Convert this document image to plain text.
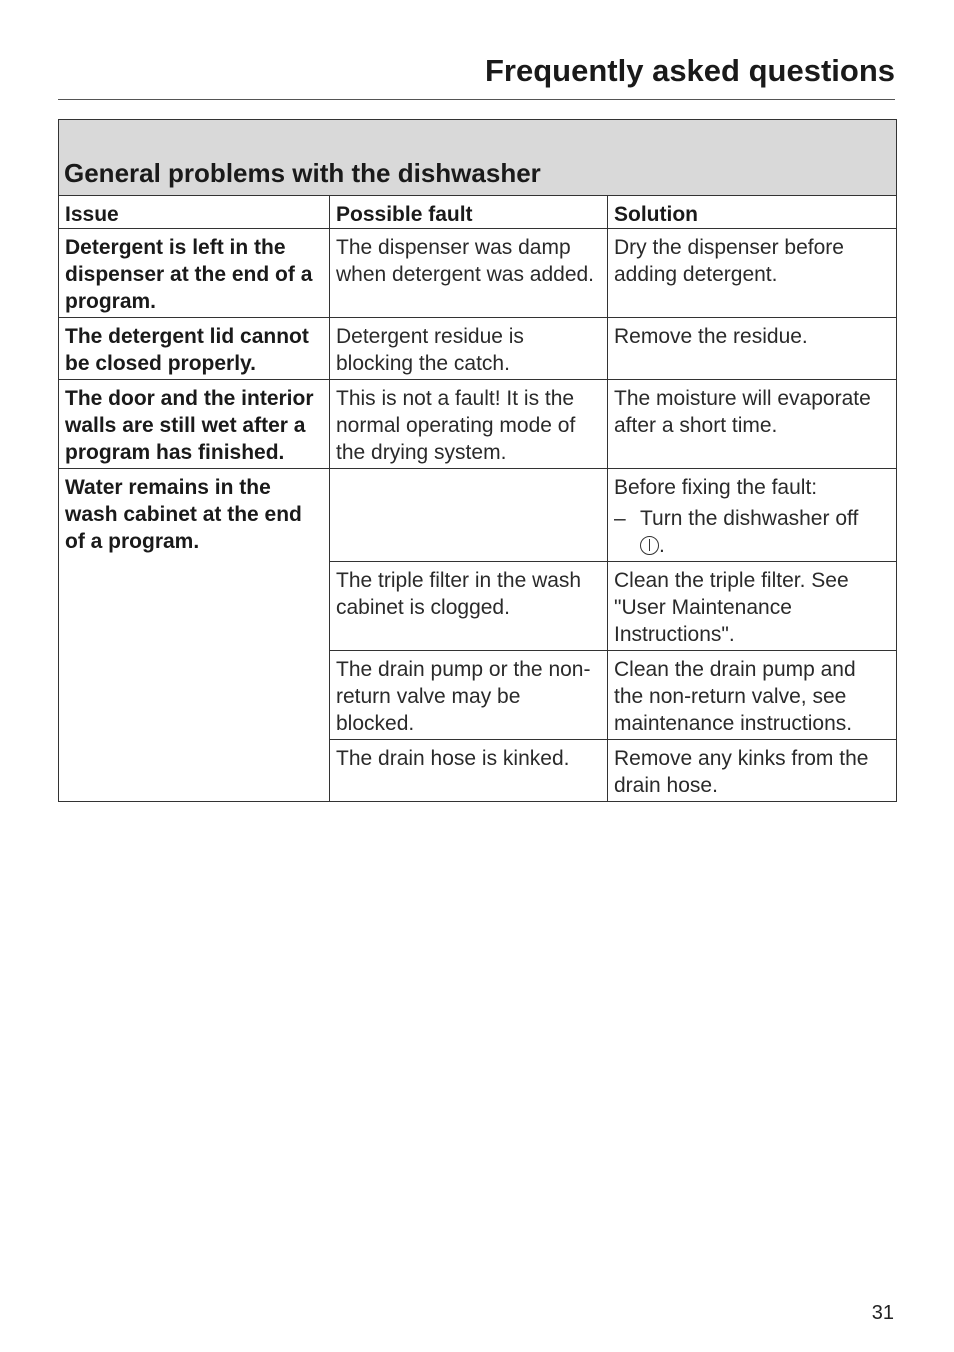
Frequently asked questions
General problems with the dishwasher		
Issue	Possible fault	Solution
Detergent is left in the dispenser at the end of a program.	The dispenser was damp when detergent was added.	Dry the dispenser before adding detergent.
The detergent lid cannot be closed properly.	Detergent residue is blocking the catch.	Remove the residue.
The door and the interior walls are still wet after a program has finished.	This is not a fault! It is the normal operating mode of the drying system.	The moisture will evaporate after a short time.
Water remains in the wash cabinet at the end of a program.		Before fixing the fault:
– Turn the dishwasher off
.

	The triple filter in the wash cabinet is clogged.	Clean the triple filter. See "User Maintenance Instructions".
	The drain pump or the non-return valve may be blocked.	Clean the drain pump and the non-return valve, see maintenance instructions.
	The drain hose is kinked.	Remove any kinks from the drain hose.
31
